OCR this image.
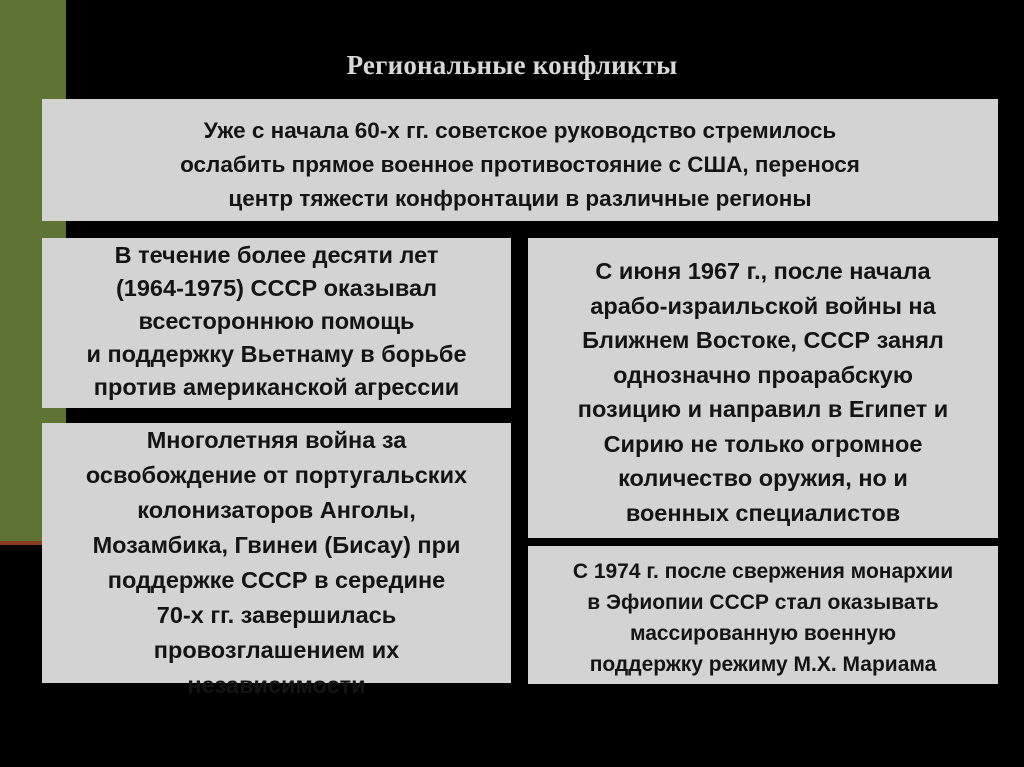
Региональные конфликты
Уже с начала 60-х гг. советское руководство стремилось
ослабить прямое военное противостояние с США, перенося
центр тяжести конфронтации в различные регионы
В течение более десяти лет
(1964-1975) СССР оказывал
всестороннюю помощь
и поддержку Вьетнаму в борьбе
против американской агрессии
Многолетняя война за
освобождение от португальских
колонизаторов Анголы,
Мозамбика, Гвинеи (Бисау) при
поддержке СССР в середине
70-х гг. завершилась
провозглашением их
независимости
С июня 1967 г., после начала
арабо-израильской войны на
Ближнем Востоке, СССР занял
однозначно проарабскую
позицию и направил в Египет и
Сирию не только огромное
количество оружия, но и
военных специалистов
С 1974 г. после свержения монархии
в Эфиопии СССР стал оказывать
массированную военную
поддержку режиму М.Х. Мариама
